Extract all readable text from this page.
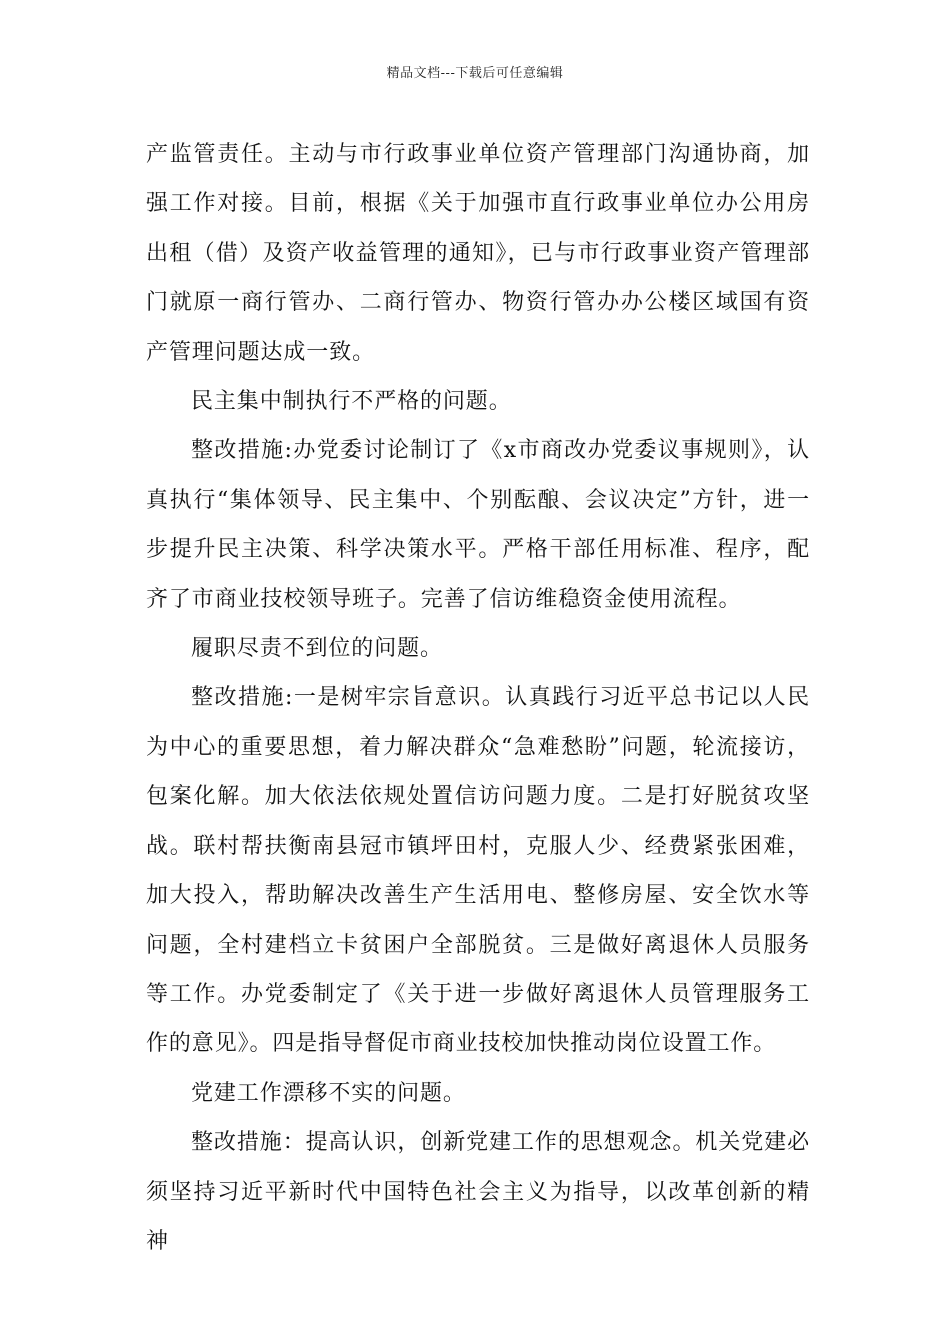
精品文档---下载后可任意编辑

产监管责任。主动与市行政事业单位资产管理部门沟通协商，加强工作对接。目前，根据《关于加强市直行政事业单位办公用房出租（借）及资产收益管理的通知》，已与市行政事业资产管理部门就原一商行管办、二商行管办、物资行管办办公楼区域国有资产管理问题达成一致。

民主集中制执行不严格的问题。

整改措施:办党委讨论制订了《x市商改办党委议事规则》，认真执行“集体领导、民主集中、个别酝酿、会议决定”方针，进一步提升民主决策、科学决策水平。严格干部任用标准、程序，配齐了市商业技校领导班子。完善了信访维稳资金使用流程。

履职尽责不到位的问题。

整改措施:一是树牢宗旨意识。认真践行习近平总书记以人民为中心的重要思想，着力解决群众“急难愁盼”问题，轮流接访，包案化解。加大依法依规处置信访问题力度。二是打好脱贫攻坚战。联村帮扶衡南县冠市镇坪田村，克服人少、经费紧张困难，加大投入，帮助解决改善生产生活用电、整修房屋、安全饮水等问题，全村建档立卡贫困户全部脱贫。三是做好离退休人员服务等工作。办党委制定了《关于进一步做好离退休人员管理服务工作的意见》。四是指导督促市商业技校加快推动岗位设置工作。

党建工作漂移不实的问题。

整改措施：提高认识，创新党建工作的思想观念。机关党建必须坚持习近平新时代中国特色社会主义为指导，以改革创新的精神
